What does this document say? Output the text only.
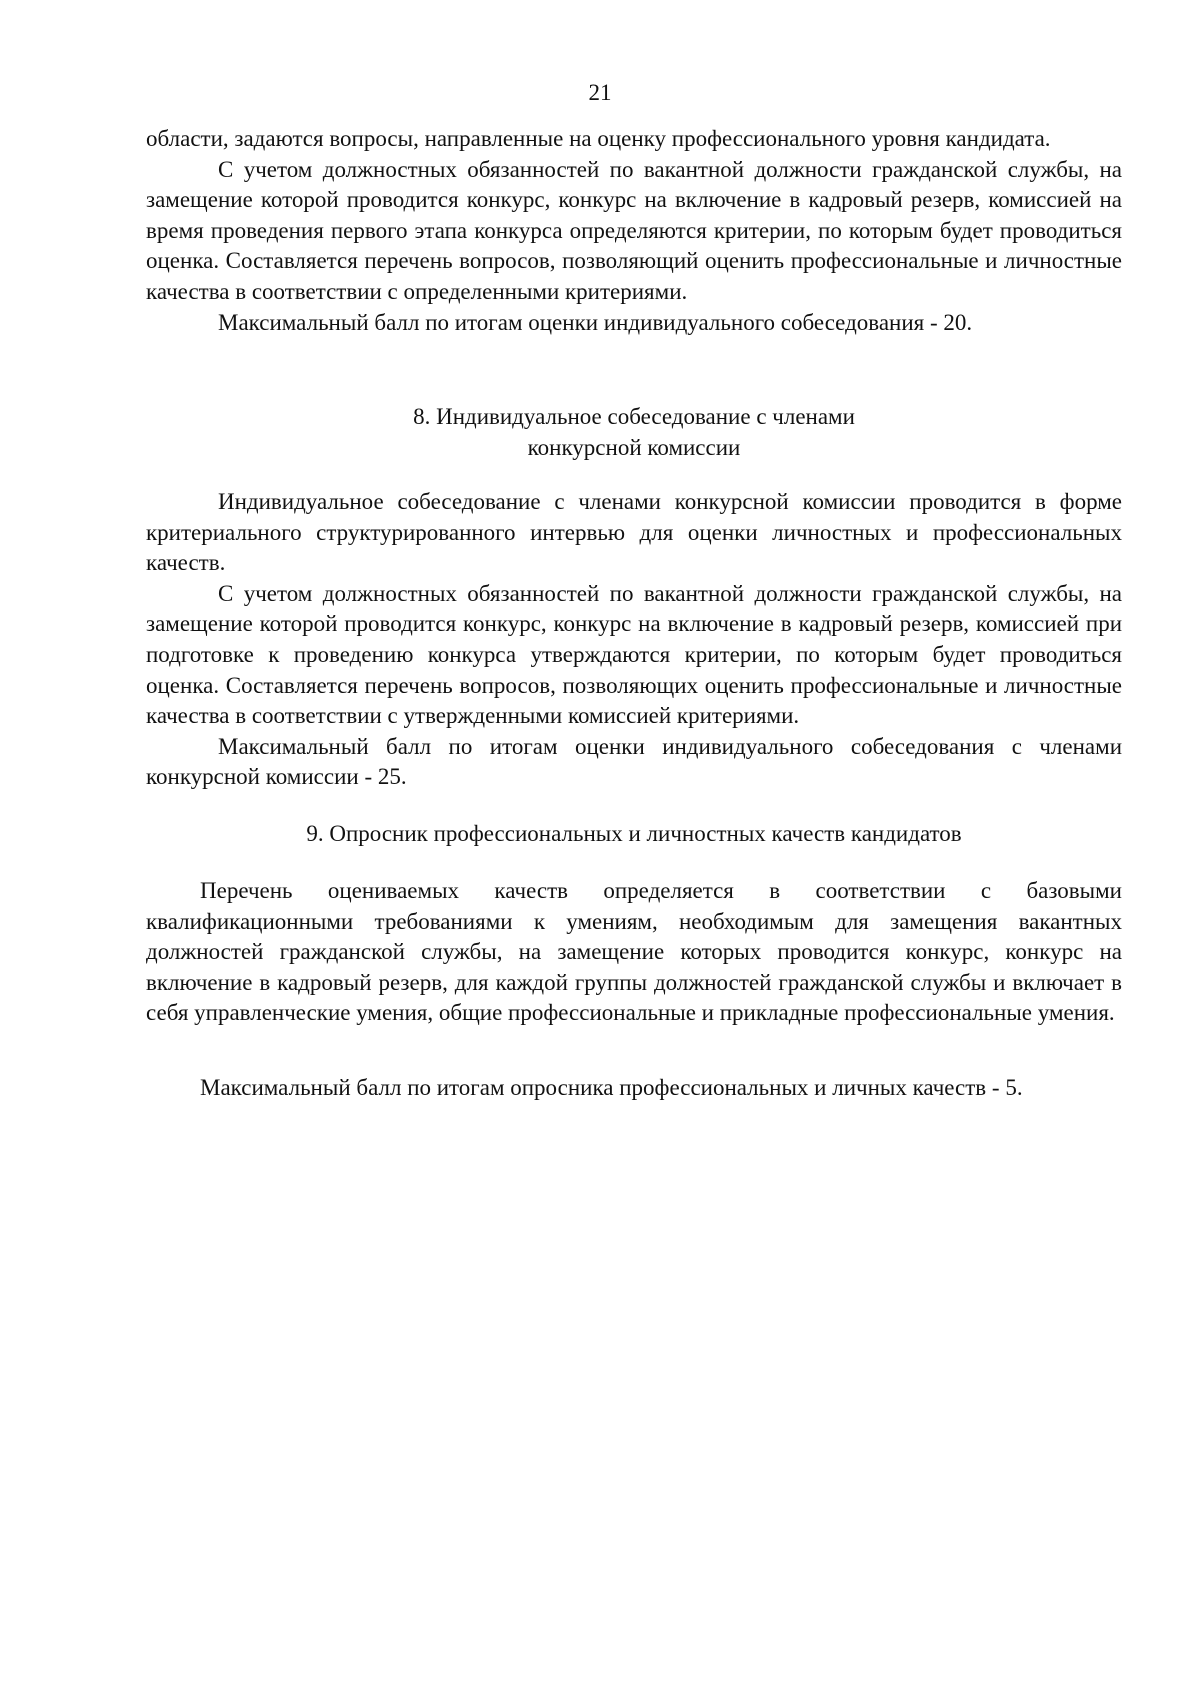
21

области, задаются вопросы, направленные на оценку профессионального уровня кандидата.

С учетом должностных обязанностей по вакантной должности гражданской службы, на замещение которой проводится конкурс, конкурс на включение в кадровый резерв, комиссией на время проведения первого этапа конкурса определяются критерии, по которым будет проводиться оценка. Составляется перечень вопросов, позволяющий оценить профессиональные и личностные качества в соответствии с определенными критериями.

Максимальный балл по итогам оценки индивидуального собеседования - 20.

8. Индивидуальное собеседование с членами

конкурсной комиссии

Индивидуальное собеседование с членами конкурсной комиссии проводится в форме критериального структурированного интервью для оценки личностных и профессиональных качеств.

С учетом должностных обязанностей по вакантной должности гражданской службы, на замещение которой проводится конкурс, конкурс на включение в кадровый резерв, комиссией при подготовке к проведению конкурса утверждаются критерии, по которым будет проводиться оценка. Составляется перечень вопросов, позволяющих оценить профессиональные и личностные качества в соответствии с утвержденными комиссией критериями.

Максимальный балл по итогам оценки индивидуального собеседования с членами конкурсной комиссии - 25.

9. Опросник профессиональных и личностных качеств кандидатов

Перечень оцениваемых качеств определяется в соответствии с базовыми квалификационными требованиями к умениям, необходимым для замещения вакантных должностей гражданской службы, на замещение которых проводится конкурс, конкурс на включение в кадровый резерв, для каждой группы должностей гражданской службы и включает в себя управленческие умения, общие профессиональные и прикладные профессиональные умения.

Максимальный балл по итогам опросника профессиональных и личных качеств - 5.
